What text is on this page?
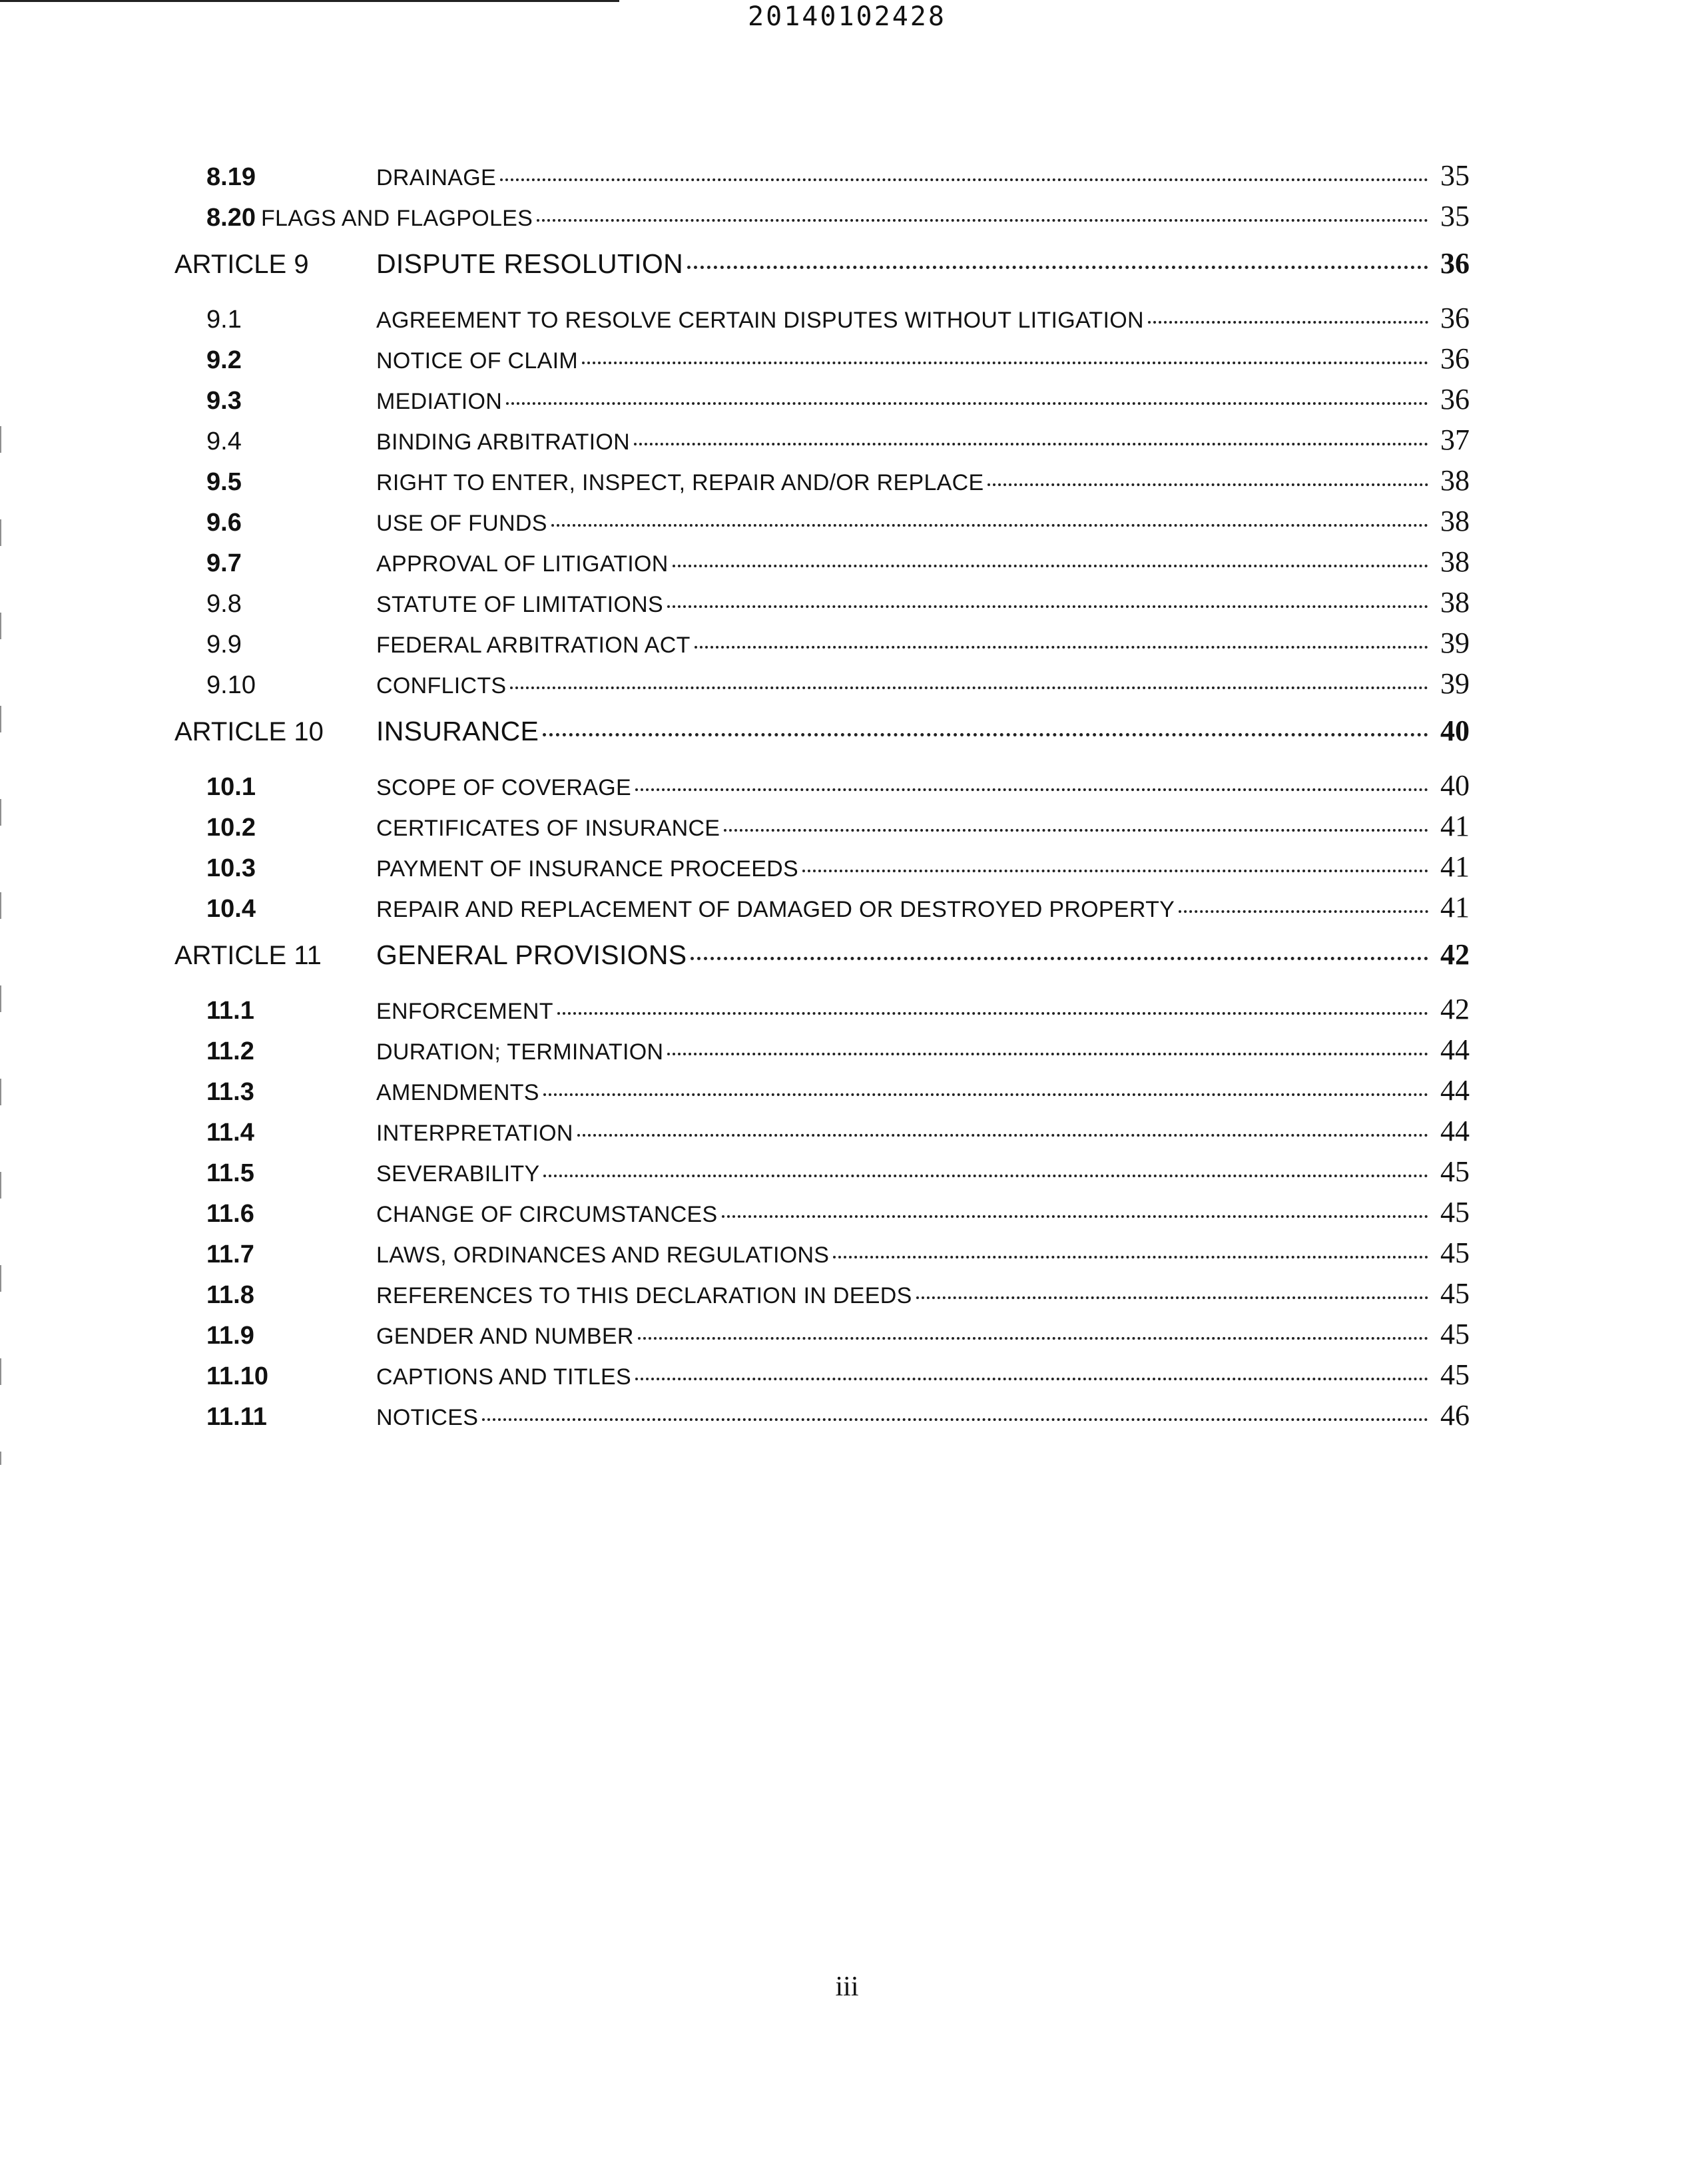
20140102428
8.19	DRAINAGE	35
8.20 FLAGS AND FLAGPOLES	35
ARTICLE 9	DISPUTE RESOLUTION	36
9.1	AGREEMENT TO RESOLVE CERTAIN DISPUTES WITHOUT LITIGATION	36
9.2	NOTICE OF CLAIM	36
9.3	MEDIATION	36
9.4	BINDING ARBITRATION	37
9.5	RIGHT TO ENTER, INSPECT, REPAIR AND/OR REPLACE	38
9.6	USE OF FUNDS	38
9.7	APPROVAL OF LITIGATION	38
9.8	STATUTE OF LIMITATIONS	38
9.9	FEDERAL ARBITRATION ACT	39
9.10	CONFLICTS	39
ARTICLE 10	INSURANCE	40
10.1	SCOPE OF COVERAGE	40
10.2	CERTIFICATES OF INSURANCE	41
10.3	PAYMENT OF INSURANCE PROCEEDS	41
10.4	REPAIR AND REPLACEMENT OF DAMAGED OR DESTROYED PROPERTY	41
ARTICLE 11	GENERAL PROVISIONS	42
11.1	ENFORCEMENT	42
11.2	DURATION; TERMINATION	44
11.3	AMENDMENTS	44
11.4	INTERPRETATION	44
11.5	SEVERABILITY	45
11.6	CHANGE OF CIRCUMSTANCES	45
11.7	LAWS, ORDINANCES AND REGULATIONS	45
11.8	REFERENCES TO THIS DECLARATION IN DEEDS	45
11.9	GENDER AND NUMBER	45
11.10	CAPTIONS AND TITLES	45
11.11	NOTICES	46
iii
